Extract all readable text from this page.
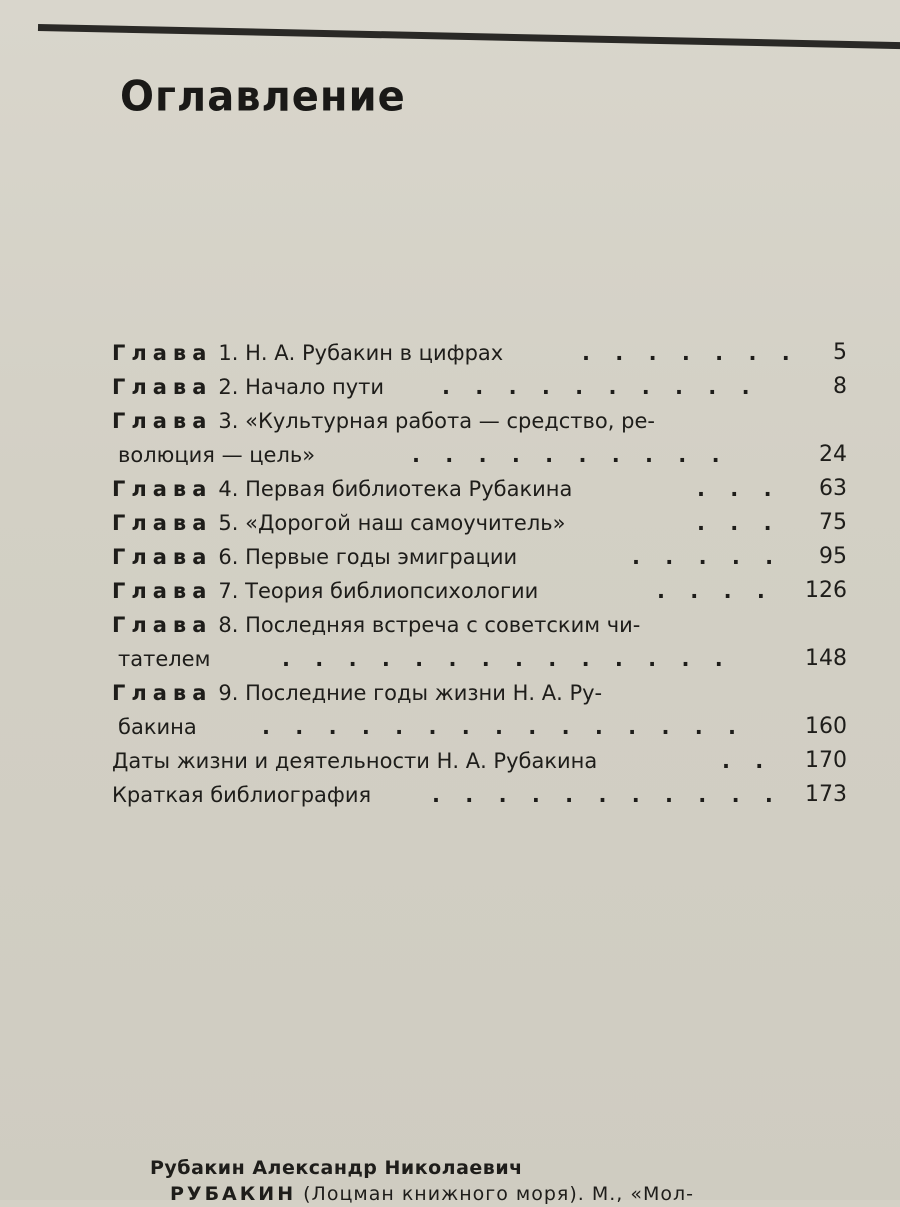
Оглавление
Глава 1. Н. А. Рубакин в цифрах	. . . . . . . 5
Глава 2. Начало пути	. . . . . . . . . .	8
Глава 3. «Культурная работа — средство, ре-
волюция — цель»	. . . . . . . . . .	24
Глава 4. Первая библиотека Рубакина	. . . 63
Глава 5. «Дорогой наш самоучитель»	. . . 75
Глава 6. Первые годы эмиграции	. . . . . 95
Глава 7. Теория библиопсихологии	. . . . 126
Глава 8. Последняя встреча с советским чи-
тателем	. . . . . . . . . . . . . .	148
Глава 9. Последние годы жизни Н. А. Ру-
бакина	. . . . . . . . . . . . . . .	160
Даты жизни и деятельности Н. А. Рубакина	. . 170
Краткая библиография	. . . . . . . . . . . 173
Рубакин Александр Николаевич
РУБАКИН (Лоцман книжного моря). М., «Мол-
